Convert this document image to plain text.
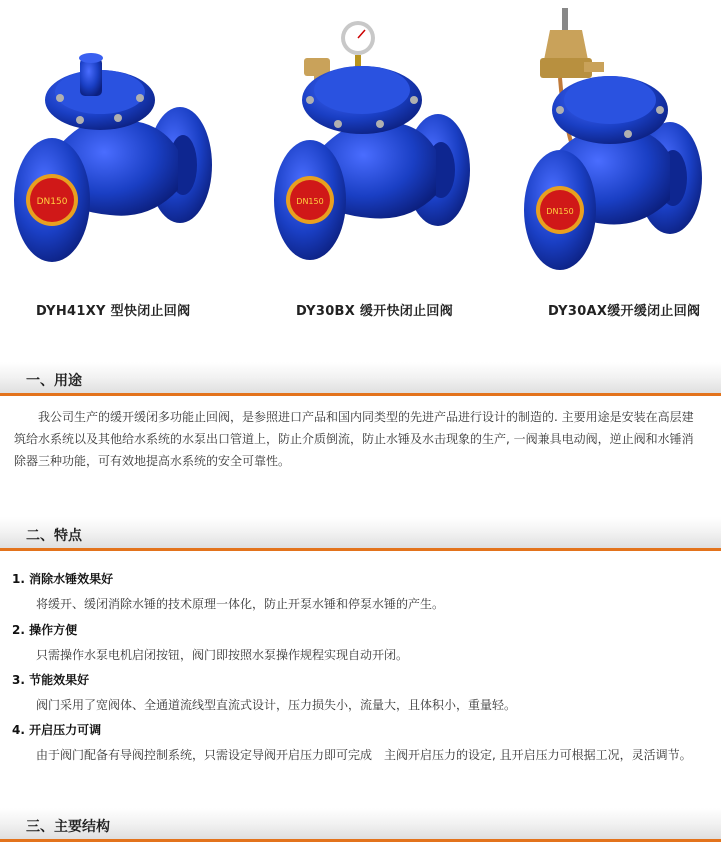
DN150
DYH41XY 型快闭止回阀
DN150
DY30BX 缓开快闭止回阀
DN150
DY30AX缓开缓闭止回阀
一、用途

我公司生产的缓开缓闭多功能止回阀，是参照进口产品和国内同类型的先进产品进行设计的制造的. 主要用途是安装在高层建筑给水系统以及其他给水系统的水泵出口管道上，防止介质倒流，防止水锤及水击现象的生产, 一阀兼具电动阀，逆止阀和水锤消除器三种功能，可有效地提高水系统的安全可靠性。

二、特点
1. 消除水锤效果好
将缓开、缓闭消除水锤的技术原理一体化，防止开泵水锤和停泵水锤的产生。
2. 操作方便
只需操作水泵电机启闭按钮，阀门即按照水泵操作规程实现自动开闭。
3. 节能效果好
阀门采用了宽阀体、全通道流线型直流式设计，压力损失小，流量大，且体积小，重量轻。
4. 开启压力可调
由于阀门配备有导阀控制系统，只需设定导阀开启压力即可完成　主阀开启压力的设定, 且开启压力可根据工况，灵活调节。
三、主要结构
